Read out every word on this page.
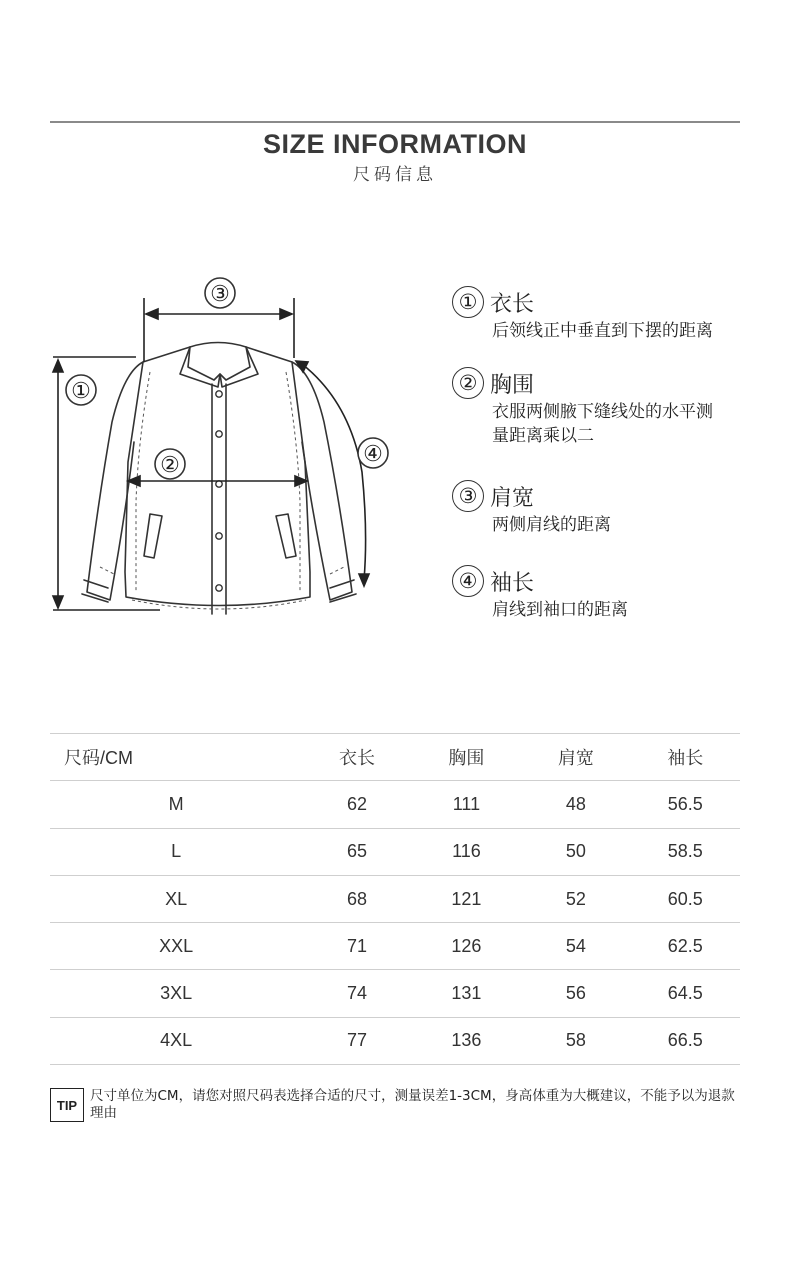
SIZE INFORMATION
尺码信息
①
③
②	④
① 衣长
后领线正中垂直到下摆的距离
② 胸围
衣服两侧腋下缝线处的水平测
量距离乘以二
③ 肩宽
两侧肩线的距离
④ 袖长
肩线到袖口的距离
尺码/CM	衣长	胸围	肩宽	袖长
M	62	111	48	56.5
L	65	116	50	58.5
XL	68	121	52	60.5
XXL	71	126	54	62.5
3XL	74	131	56	64.5
4XL	77	136	58	66.5
TIP
尺寸单位为CM，请您对照尺码表选择合适的尺寸，测量误差1-3CM，身高体重为大概建议，不能予以为退款理由
